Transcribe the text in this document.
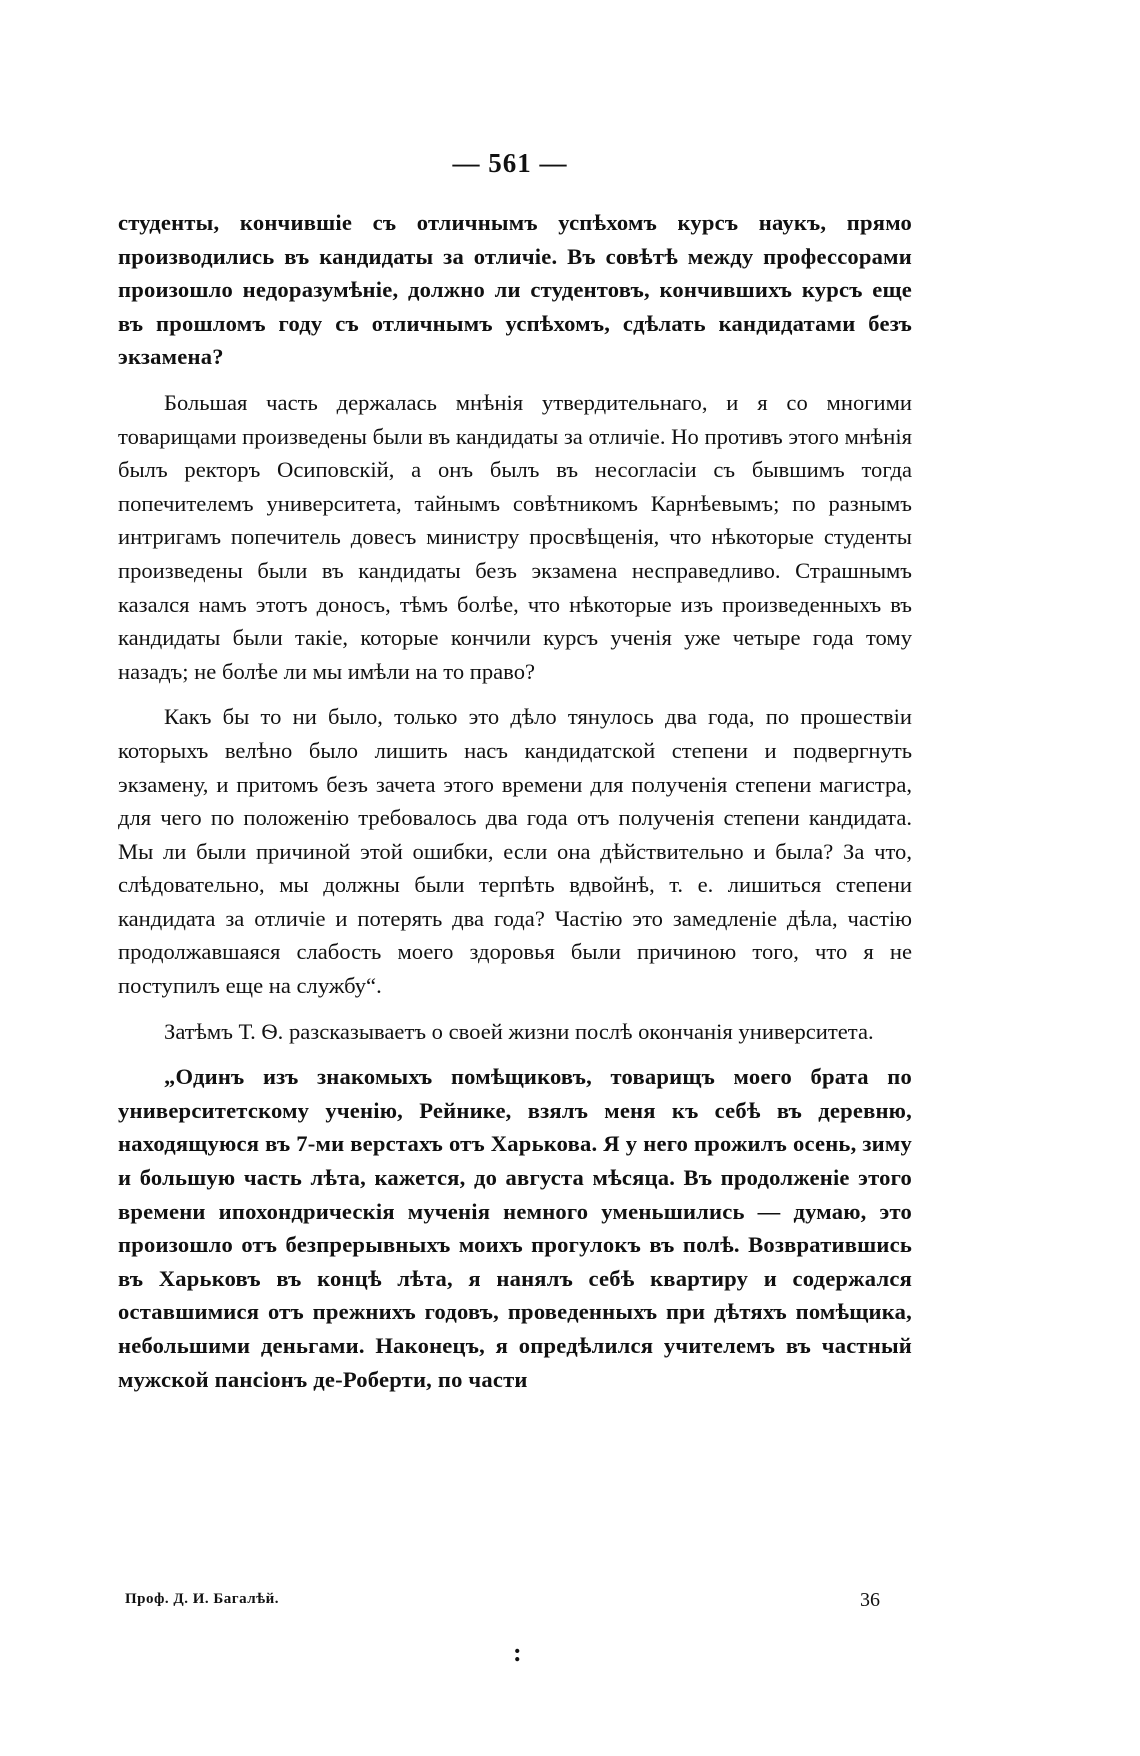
— 561 —

студенты, кончившіе съ отличнымъ успѣхомъ курсъ наукъ, прямо производились въ кандидаты за отличіе. Въ совѣтѣ между профессорами произошло недоразумѣніе, должно ли студентовъ, кончившихъ курсъ еще въ прошломъ году съ отличнымъ успѣхомъ, сдѣлать кандидатами безъ экзамена?

Большая часть держалась мнѣнія утвердительнаго, и я со многими товарищами произведены были въ кандидаты за отличіе. Но противъ этого мнѣнія былъ ректоръ Осиповскій, а онъ былъ въ несогласіи съ бывшимъ тогда попечителемъ университета, тайнымъ совѣтникомъ Карнѣевымъ; по разнымъ интригамъ попечитель довесъ министру просвѣщенія, что нѣкоторые студенты произведены были въ кандидаты безъ экзамена несправедливо. Страшнымъ казался намъ этотъ доносъ, тѣмъ болѣе, что нѣкоторые изъ произведенныхъ въ кандидаты были такіе, которые кончили курсъ ученія уже четыре года тому назадъ; не болѣе ли мы имѣли на то право?

Какъ бы то ни было, только это дѣло тянулось два года, по прошествіи которыхъ велѣно было лишить насъ кандидатской степени и подвергнуть экзамену, и притомъ безъ зачета этого времени для полученія степени магистра, для чего по положенію требовалось два года отъ полученія степени кандидата. Мы ли были причиной этой ошибки, если она дѣйствительно и была? За что, слѣдовательно, мы должны были терпѣть вдвойнѣ, т. е. лишиться степени кандидата за отличіе и потерять два года? Частію это замедленіе дѣла, частію продолжавшаяся слабость моего здоровья были причиною того, что я не поступилъ еще на службу“.

Затѣмъ Т. Ѳ. разсказываетъ о своей жизни послѣ окончанія университета.

„Одинъ изъ знакомыхъ помѣщиковъ, товарищъ моего брата по университетскому ученію, Рейнике, взялъ меня къ себѣ въ деревню, находящуюся въ 7-ми верстахъ отъ Харькова. Я у него прожилъ осень, зиму и большую часть лѣта, кажется, до августа мѣсяца. Въ продолженіе этого времени ипохондрическія мученія немного уменьшились — думаю, это произошло отъ безпрерывныхъ моихъ прогулокъ въ полѣ. Возвратившись въ Харьковъ въ концѣ лѣта, я нанялъ себѣ квартиру и содержался оставшимися отъ прежнихъ годовъ, проведенныхъ при дѣтяхъ помѣщика, небольшими деньгами. Наконецъ, я опредѣлился учителемъ въ частный мужской пансіонъ де-Роберти, по части

Проф. Д. И. Багалѣй.	36
:
